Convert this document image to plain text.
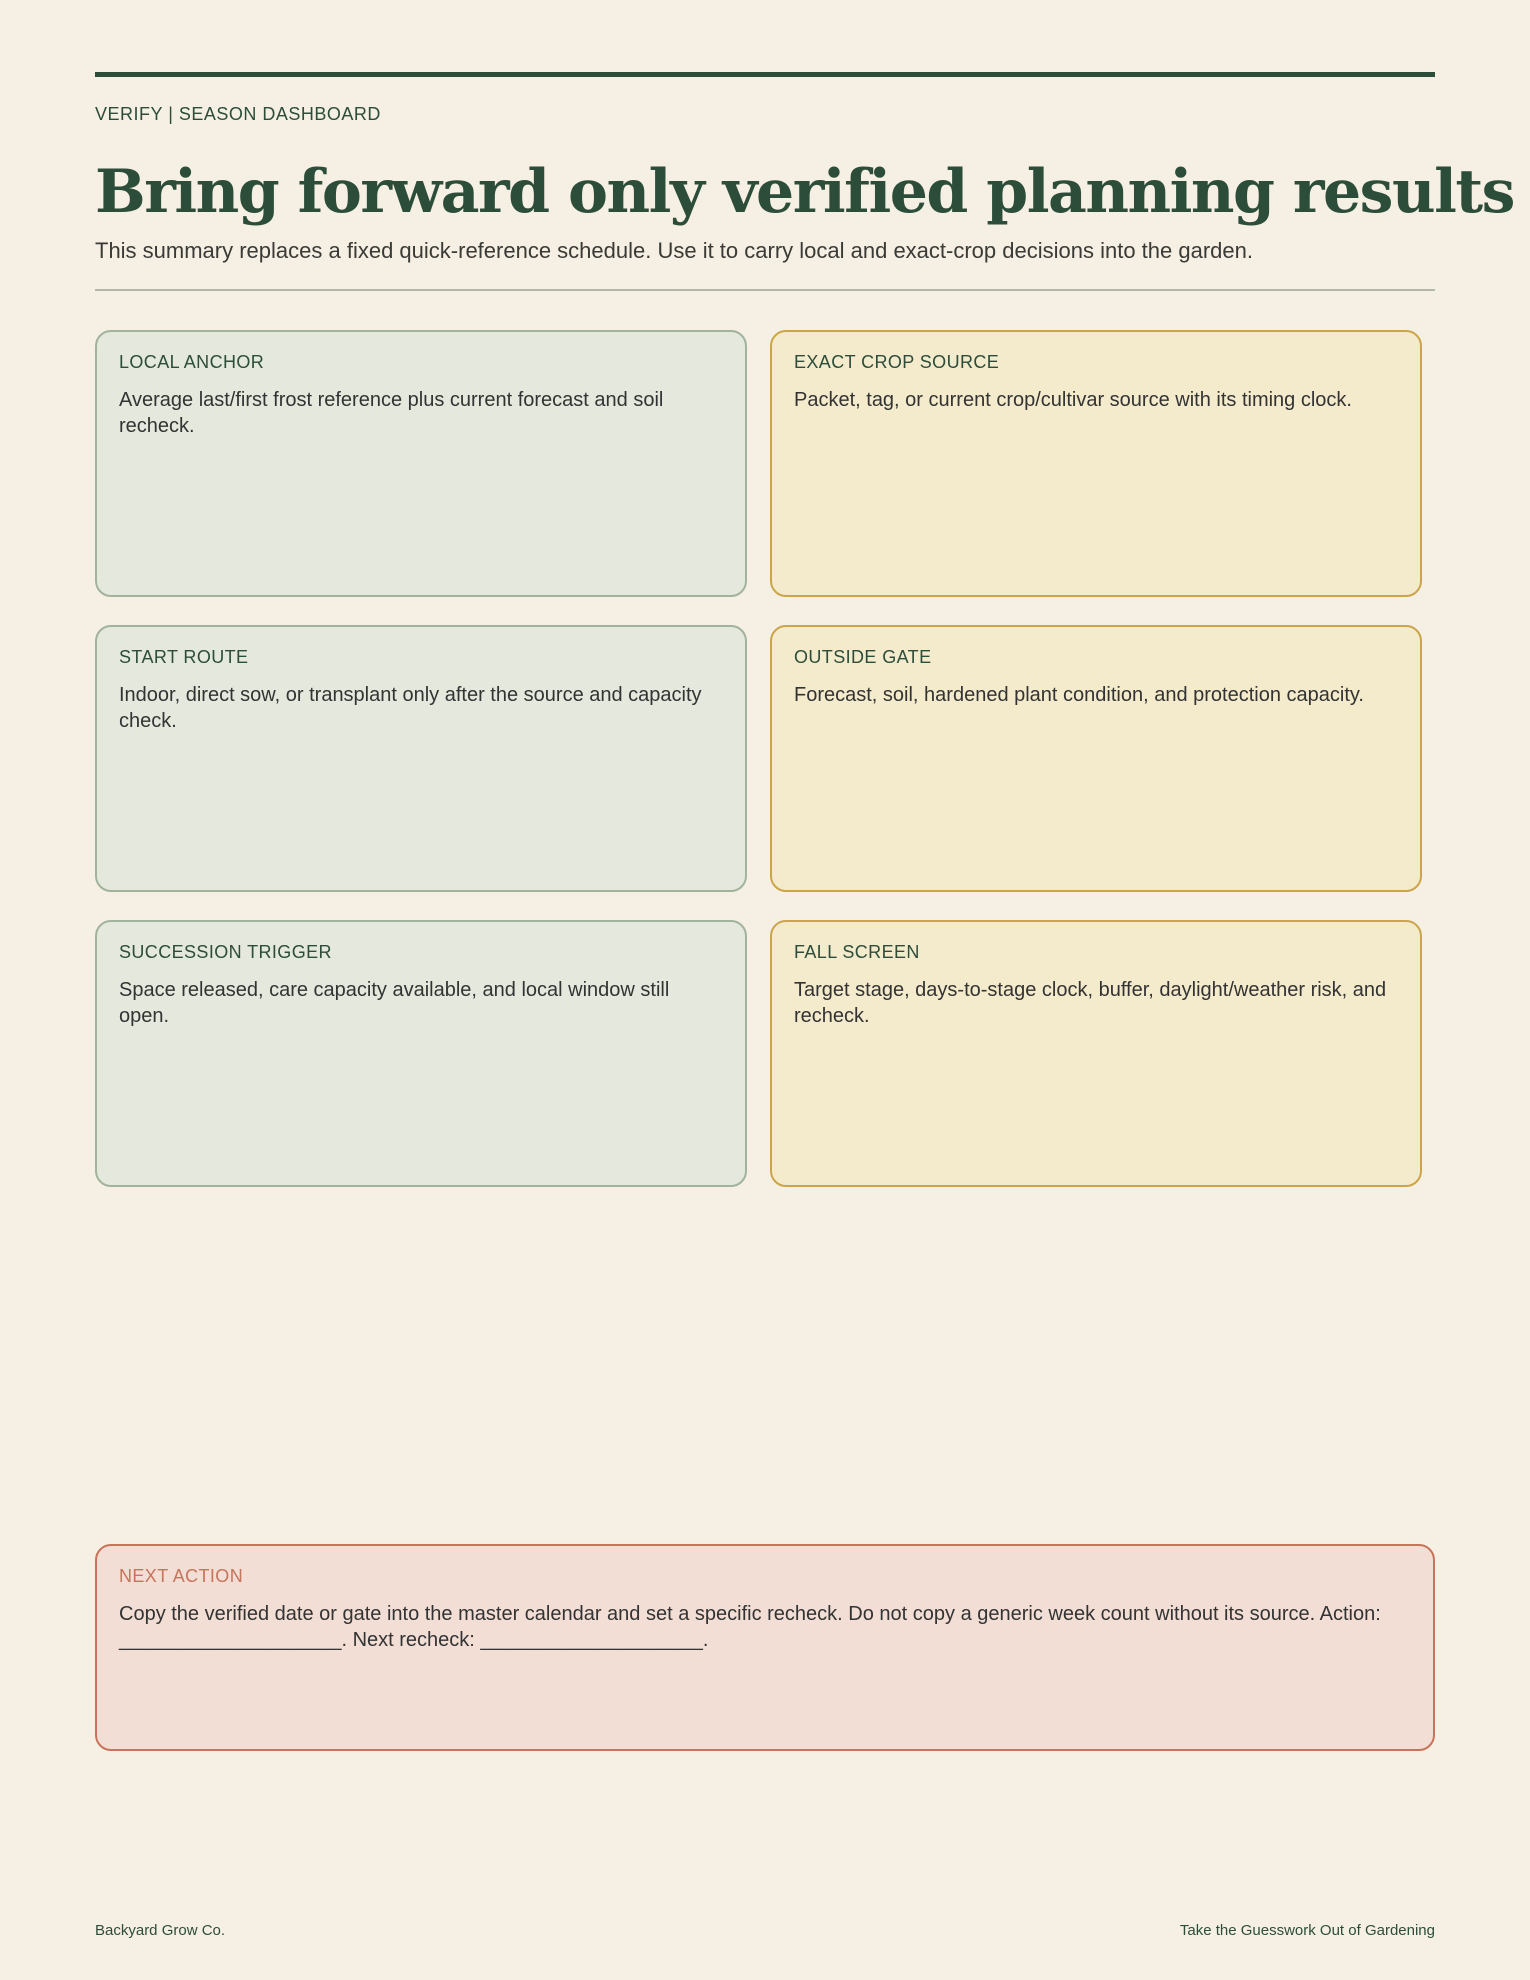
VERIFY | SEASON DASHBOARD
Bring forward only verified planning results
This summary replaces a fixed quick-reference schedule. Use it to carry local and exact-crop decisions into the garden.
LOCAL ANCHOR
Average last/first frost reference plus current forecast and soil recheck.
EXACT CROP SOURCE
Packet, tag, or current crop/cultivar source with its timing clock.
START ROUTE
Indoor, direct sow, or transplant only after the source and capacity check.
OUTSIDE GATE
Forecast, soil, hardened plant condition, and protection capacity.
SUCCESSION TRIGGER
Space released, care capacity available, and local window still open.
FALL SCREEN
Target stage, days-to-stage clock, buffer, daylight/weather risk, and recheck.
NEXT ACTION
Copy the verified date or gate into the master calendar and set a specific recheck. Do not copy a generic week count without its source. Action: ____________________. Next recheck: ____________________.
Backyard Grow Co.	Take the Guesswork Out of Gardening
